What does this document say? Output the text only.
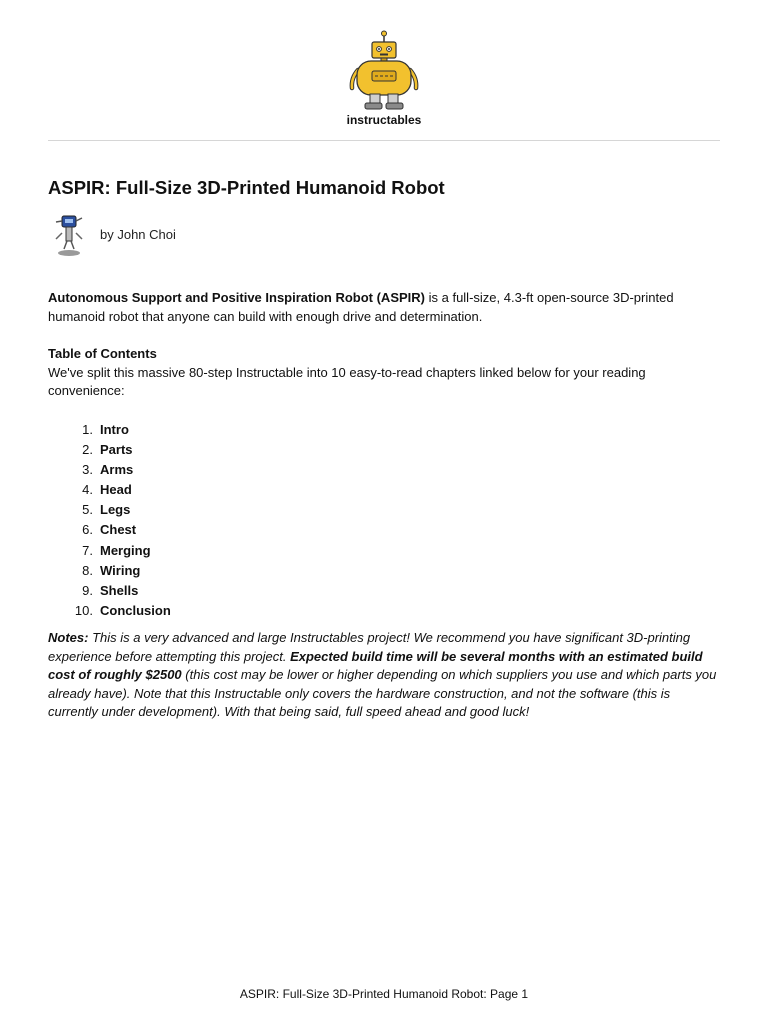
instructables
ASPIR: Full-Size 3D-Printed Humanoid Robot
by John Choi

Autonomous Support and Positive Inspiration Robot (ASPIR) is a full-size, 4.3-ft open-source 3D-printed humanoid robot that anyone can build with enough drive and determination.

Table of Contents

We've split this massive 80-step Instructable into 10 easy-to-read chapters linked below for your reading convenience:

1. Intro
2. Parts
3. Arms
4. Head
5. Legs
6. Chest
7. Merging
8. Wiring
9. Shells
10. Conclusion

Notes: This is a very advanced and large Instructables project! We recommend you have significant 3D-printing experience before attempting this project. Expected build time will be several months with an estimated build cost of roughly $2500 (this cost may be lower or higher depending on which suppliers you use and which parts you already have). Note that this Instructable only covers the hardware construction, and not the software (this is currently under development). With that being said, full speed ahead and good luck!

ASPIR: Full-Size 3D-Printed Humanoid Robot: Page 1
